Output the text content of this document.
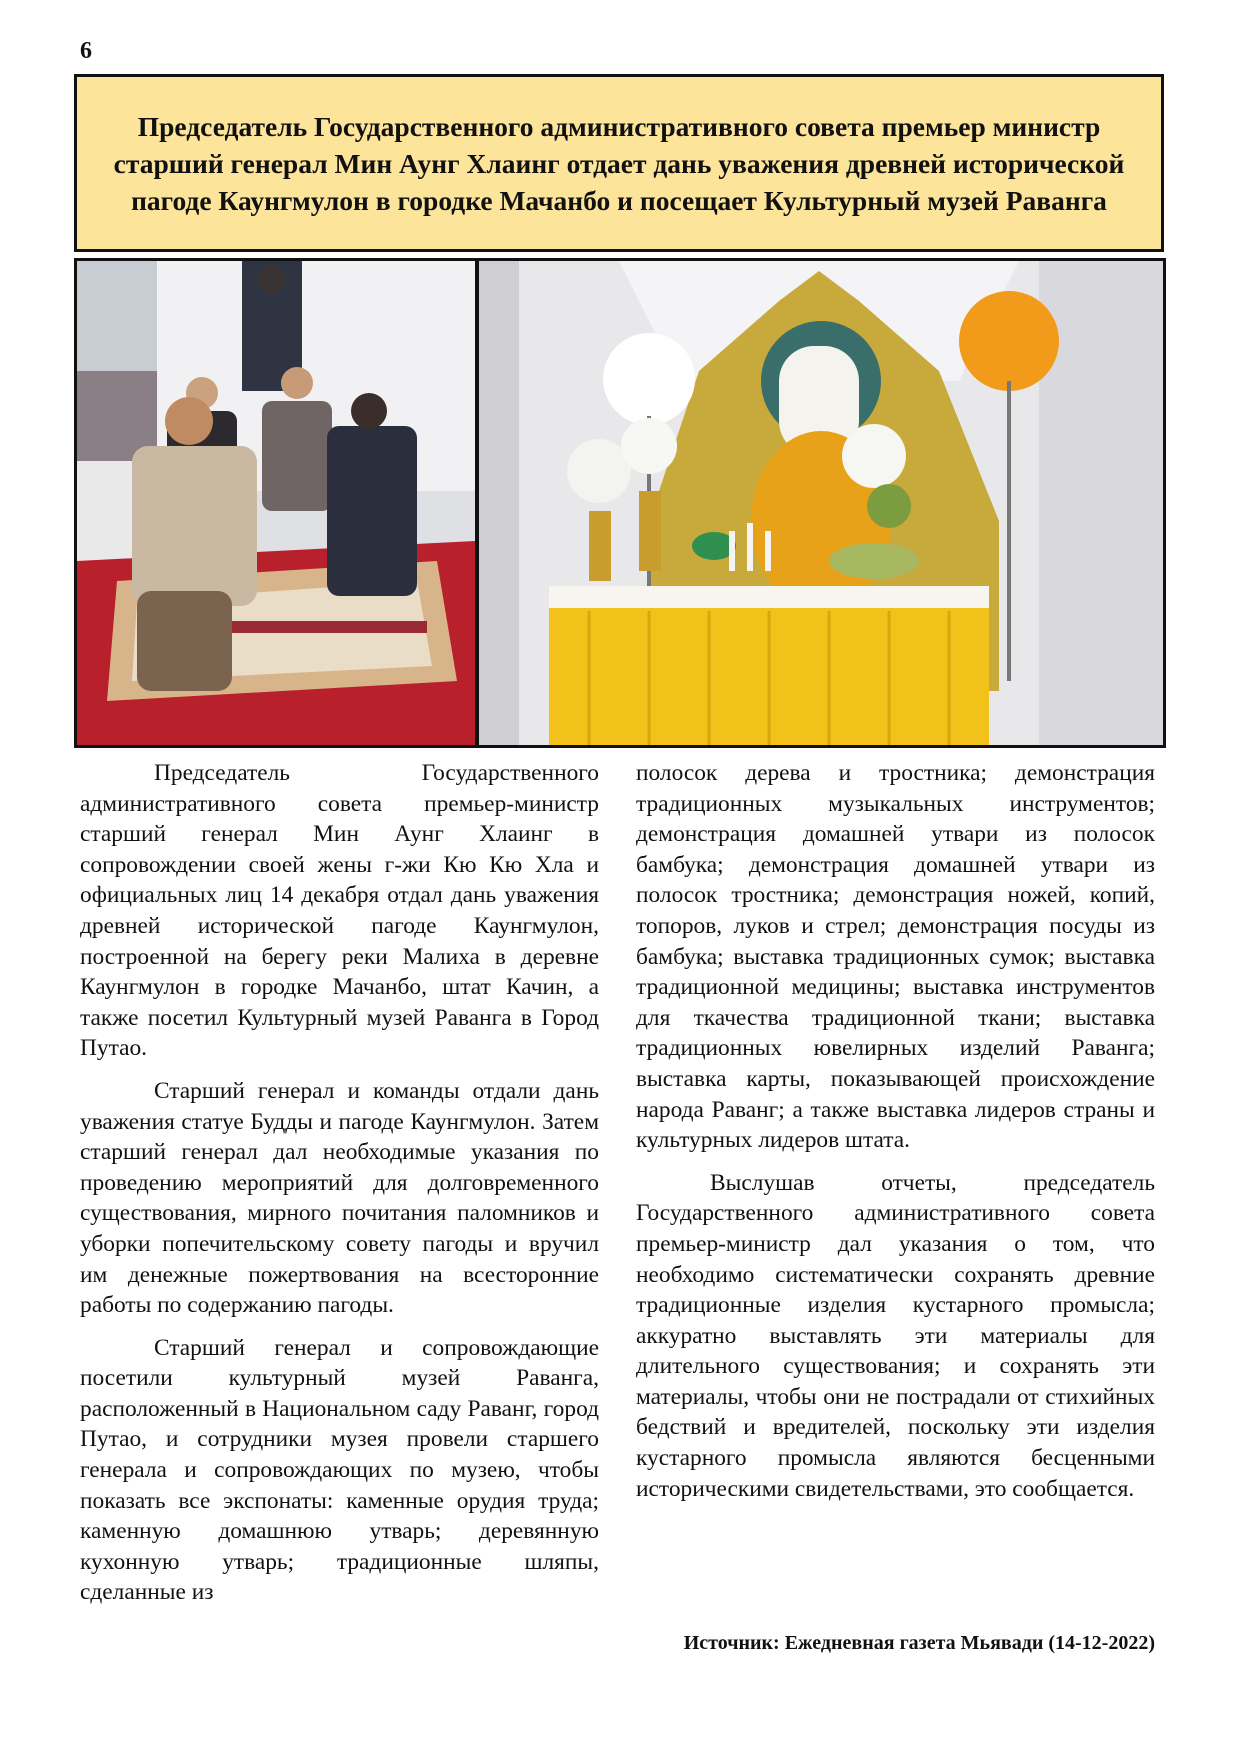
6
Председатель Государственного административного совета премьер министр старший генерал Мин Аунг Хлаинг отдает дань уважения древней исторической пагоде Каунгмулон в городке Мачанбо и посещает Культурный музей Раванга

Председатель Государственного административного совета премьер-министр старший генерал Мин Аунг Хлаинг в сопровождении своей жены г-жи Кю Кю Хла и официальных лиц 14 декабря отдал дань уважения древней исторической пагоде Каунгмулон, построенной на берегу реки Малиха в деревне Каунгмулон в городке Мачанбо, штат Качин, а также посетил Культурный музей Раванга в Город Путао.

Старший генерал и команды отдали дань уважения статуе Будды и пагоде Каунгмулон. Затем старший генерал дал необходимые указания по проведению мероприятий для долговременного существования, мирного почитания паломников и уборки попечительскому совету пагоды и вручил им денежные пожертвования на всесторонние работы по содержанию пагоды.

Старший генерал и сопровождающие посетили культурный музей Раванга, расположенный в Национальном саду Раванг, город Путао, и сотрудники музея провели старшего генерала и сопровождающих по музею, чтобы показать все экспонаты: каменные орудия труда; каменную домашнюю утварь; деревянную кухонную утварь; традиционные шляпы, сделанные из

полосок дерева и тростника; демонстрация традиционных музыкальных инструментов; демонстрация домашней утвари из полосок бамбука; демонстрация домашней утвари из полосок тростника; демонстрация ножей, копий, топоров, луков и стрел; демонстрация посуды из бамбука; выставка традиционных сумок; выставка традиционной медицины; выставка инструментов для ткачества традиционной ткани; выставка традиционных ювелирных изделий Раванга; выставка карты, показывающей происхождение народа Раванг; а также выставка лидеров страны и культурных лидеров штата.

Выслушав отчеты, председатель Государственного административного совета премьер-министр дал указания о том, что необходимо систематически сохранять древние традиционные изделия кустарного промысла; аккуратно выставлять эти материалы для длительного существования; и сохранять эти материалы, чтобы они не пострадали от стихийных бедствий и вредителей, поскольку эти изделия кустарного промысла являются бесценными историческими свидетельствами, это сообщается.

Источник: Ежедневная газета Мьявади (14-12-2022)
